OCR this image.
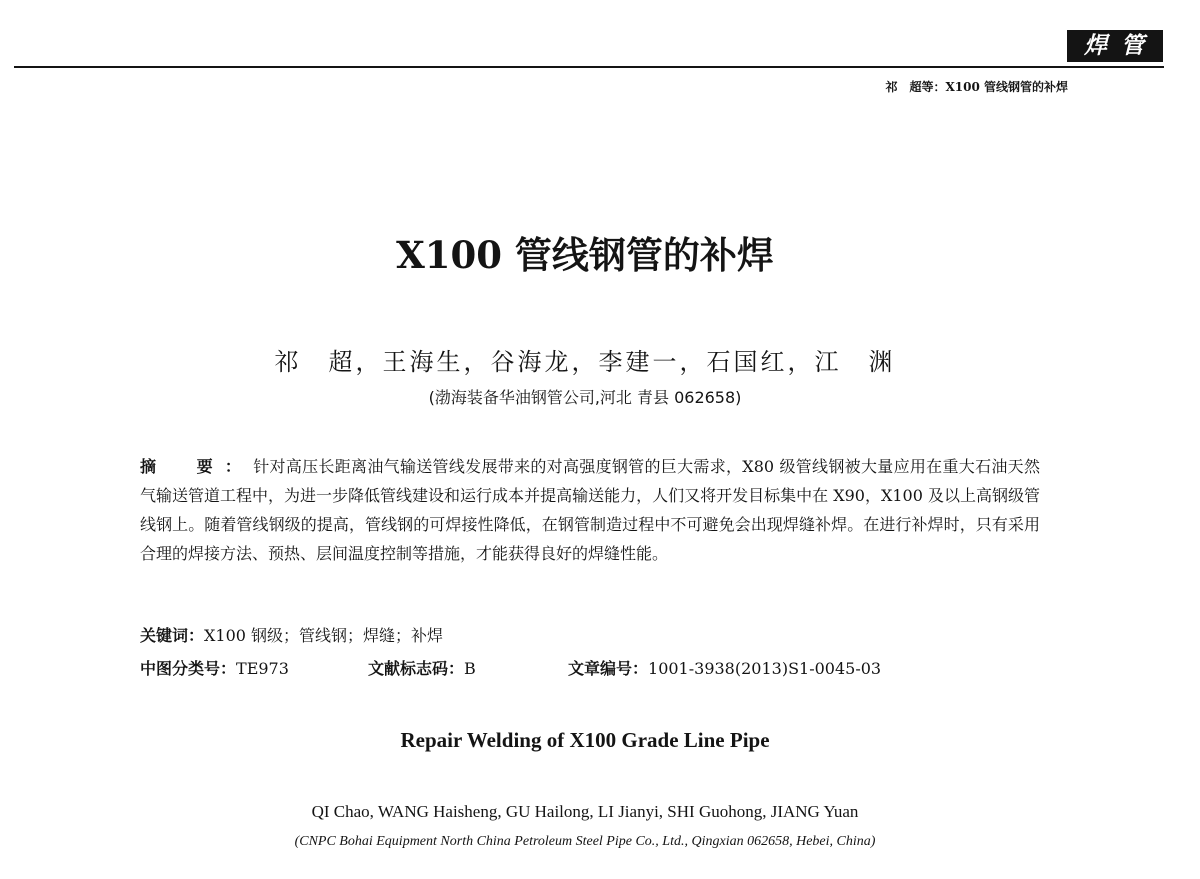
焊管
祁　超等：X100 管线钢管的补焊
X100 管线钢管的补焊
祁　超，王海生，谷海龙，李建一，石国红，江　渊
(渤海装备华油钢管公司,河北 青县 062658)
摘　要：针对高压长距离油气输送管线发展带来的对高强度钢管的巨大需求，X80 级管线钢被大量应用在重大石油天然气输送管道工程中，为进一步降低管线建设和运行成本并提高输送能力，人们又将开发目标集中在 X90，X100 及以上高钢级管线钢上。随着管线钢级的提高，管线钢的可焊接性降低，在钢管制造过程中不可避免会出现焊缝补焊。在进行补焊时，只有采用合理的焊接方法、预热、层间温度控制等措施，才能获得良好的焊缝性能。
关键词：X100 钢级；管线钢；焊缝；补焊
中图分类号：TE973	文献标志码：B	文章编号：1001-3938(2013)S1-0045-03
Repair Welding of X100 Grade Line Pipe
QI Chao, WANG Haisheng, GU Hailong, LI Jianyi, SHI Guohong, JIANG Yuan
(CNPC Bohai Equipment North China Petroleum Steel Pipe Co., Ltd., Qingxian 062658, Hebei, China)
